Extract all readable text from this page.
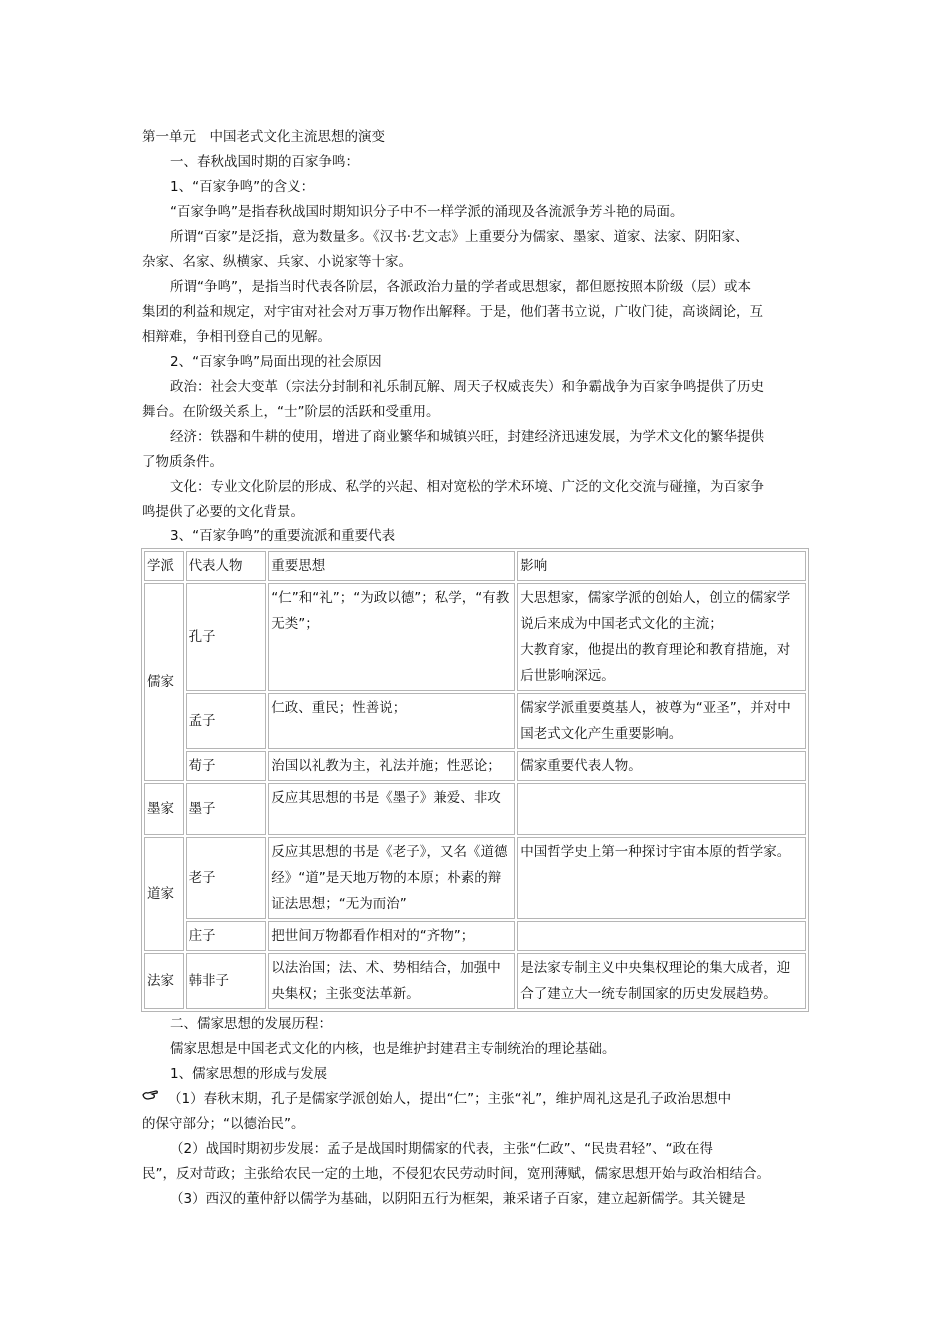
第一单元　中国老式文化主流思想的演变
一、春秋战国时期的百家争鸣：
1、“百家争鸣”的含义：
“百家争鸣”是指春秋战国时期知识分子中不一样学派的涌现及各流派争芳斗艳的局面。
所谓“百家”是泛指，意为数量多。《汉书·艺文志》上重要分为儒家、墨家、道家、法家、阴阳家、
杂家、名家、纵横家、兵家、小说家等十家。
所谓“争鸣”，是指当时代表各阶层，各派政治力量的学者或思想家，都但愿按照本阶级（层）或本
集团的利益和规定，对宇宙对社会对万事万物作出解释。于是，他们著书立说，广收门徒，高谈阔论，互
相辩难，争相刊登自己的见解。
2、“百家争鸣”局面出现的社会原因
政治：社会大变革（宗法分封制和礼乐制瓦解、周天子权威丧失）和争霸战争为百家争鸣提供了历史
舞台。在阶级关系上，“士”阶层的活跃和受重用。
经济：铁器和牛耕的使用，增进了商业繁华和城镇兴旺，封建经济迅速发展，为学术文化的繁华提供
了物质条件。
文化：专业文化阶层的形成、私学的兴起、相对宽松的学术环境、广泛的文化交流与碰撞，为百家争
鸣提供了必要的文化背景。
3、“百家争鸣”的重要流派和重要代表
学派	代表人物	重要思想	影响
儒家	孔子	“仁”和“礼”；“为政以德”；私学，“有教无类”；	大思想家，儒家学派的创始人，创立的儒家学说后来成为中国老式文化的主流；
大教育家，他提出的教育理论和教育措施，对后世影响深远。

	孟子	仁政、重民；性善说；	儒家学派重要奠基人，被尊为“亚圣”，并对中国老式文化产生重要影响。
	荀子	治国以礼教为主，礼法并施；性恶论；	儒家重要代表人物。
墨家	墨子	反应其思想的书是《墨子》兼爱、非攻	
道家	老子	反应其思想的书是《老子》，又名《道德经》“道”是天地万物的本原；朴素的辩证法思想；“无为而治”	中国哲学史上第一种探讨宇宙本原的哲学家。
	庄子	把世间万物都看作相对的“齐物”；	
法家	韩非子	以法治国；法、术、势相结合，加强中央集权；主张变法革新。	是法家专制主义中央集权理论的集大成者，迎合了建立大一统专制国家的历史发展趋势。
二、儒家思想的发展历程：
儒家思想是中国老式文化的内核，也是维护封建君主专制统治的理论基础。
1、儒家思想的形成与发展
（1）春秋末期，孔子是儒家学派创始人，提出“仁”；主张“礼”，维护周礼这是孔子政治思想中
的保守部分；“以德治民”。
（2）战国时期初步发展：孟子是战国时期儒家的代表，主张“仁政”、“民贵君轻”、“政在得
民”，反对苛政；主张给农民一定的土地，不侵犯农民劳动时间，宽刑薄赋，儒家思想开始与政治相结合。
（3）西汉的董仲舒以儒学为基础，以阴阳五行为框架，兼采诸子百家，建立起新儒学。其关键是
